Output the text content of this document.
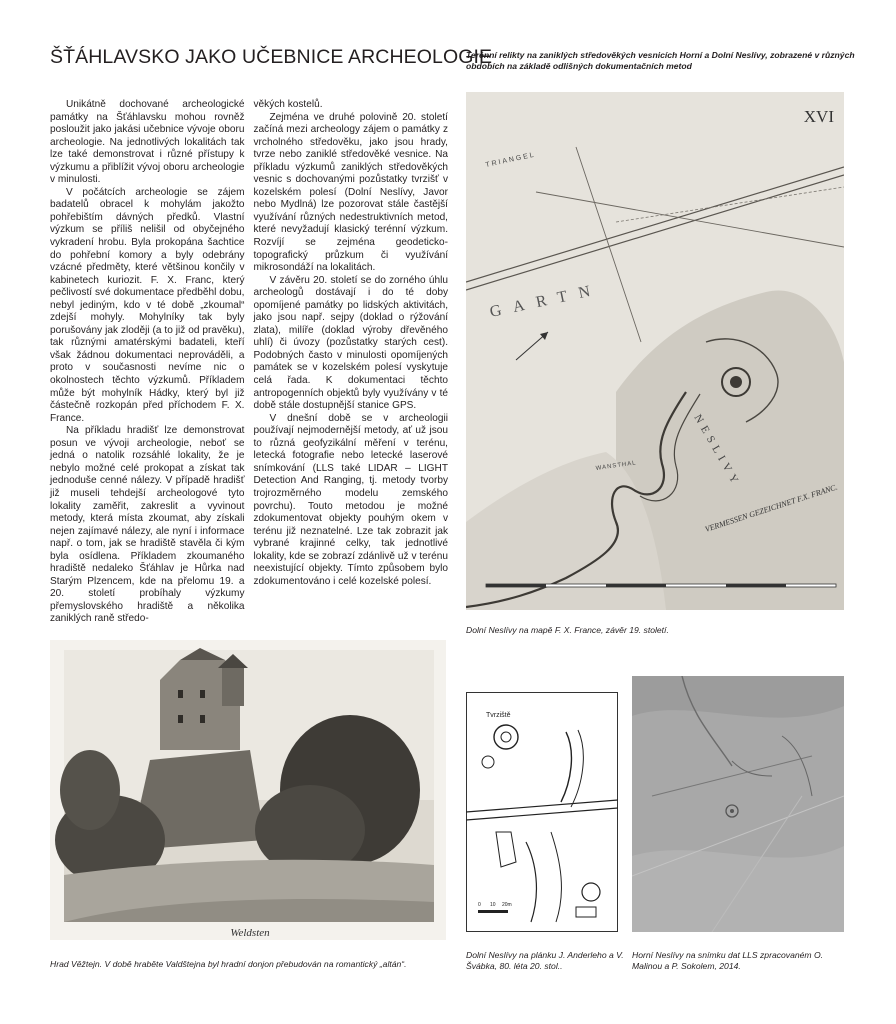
ŠŤÁHLAVSKO JAKO UČEBNICE ARCHEOLOGIE

Unikátně dochované archeologické památky na Šťáhlavsku mohou rovněž posloužit jako jakási učebnice vývoje oboru archeologie. Na jednotlivých lokalitách tak lze také demonstrovat i různé přístupy k výzkumu a přiblížit vývoj oboru archeologie v minulosti.

V počátcích archeologie se zájem badatelů obracel k mohylám jakožto pohřebištím dávných předků. Vlastní výzkum se příliš nelišil od obyčejného vykradení hrobu. Byla prokopána šachtice do pohřební komory a byly odebrány vzácné předměty, které většinou končily v kabinetech kuriozit. F. X. Franc, který pečlivostí své dokumentace předběhl dobu, nebyl jediným, kdo v té době „zkoumal“ zdejší mohyly. Mohylníky tak byly porušovány jak zloději (a to již od pravěku), tak různými amatérskými badateli, kteří však žádnou dokumentaci neprováděli, a proto v současnosti nevíme nic o okolnostech těchto výzkumů. Příkladem může být mohylník Hádky, který byl již částečně rozkopán před příchodem F. X. France.

Na příkladu hradišť lze demonstrovat posun ve vývoji archeologie, neboť se jedná o natolik rozsáhlé lokality, že je nebylo možné celé prokopat a získat tak jednoduše cenné nálezy. V případě hradišť již museli tehdejší archeologové tyto lokality zaměřit, zakreslit a vyvinout metody, která místa zkoumat, aby získali nejen zajímavé nálezy, ale nyní i informace např. o tom, jak se hradiště stavěla či kým byla osídlena. Příkladem zkoumaného hradiště nedaleko Šťáhlav je Hůrka nad Starým Plzencem, kde na přelomu 19. a 20. století probíhaly výzkumy přemyslovského hradiště a několika zaniklých raně středo-

věkých kostelů.

Zejména ve druhé polovině 20. století začíná mezi archeology zájem o památky z vrcholného středověku, jako jsou hrady, tvrze nebo zaniklé středověké vesnice. Na příkladu výzkumů zaniklých středověkých vesnic s dochovanými pozůstatky tvrzišť v kozelském polesí (Dolní Neslívy, Javor nebo Mydlná) lze pozorovat stále častější využívání různých nedestruktivních metod, které nevyžadují klasický terénní výzkum. Rozvíjí se zejména geodeticko-topografický průzkum či využívání mikrosondáží na lokalitách.

V závěru 20. století se do zorného úhlu archeologů dostávají i do té doby opomíjené památky po lidských aktivitách, jako jsou např. sejpy (doklad o rýžování zlata), milíře (doklad výroby dřevěného uhlí) či úvozy (pozůstatky starých cest). Podobných často v minulosti opomíjených památek se v kozelském polesí vyskytuje celá řada. K dokumentaci těchto antropogenních objektů byly využívány v té době stále dostupnější stanice GPS.

V dnešní době se v archeologii používají nejmodernější metody, ať už jsou to různá geofyzikální měření v terénu, letecká fotografie nebo letecké laserové snímkování (LLS také LIDAR – LIGHT Detection And Ranging, tj. metody tvorby trojrozměrného modelu zemského povrchu). Touto metodou je možné zdokumentovat objekty pouhým okem v terénu již neznatelné. Lze tak zobrazit jak vybrané krajinné celky, tak jednotlivé lokality, kde se zobrazí zdánlivě už v terénu neexistující objekty. Tímto způsobem bylo zdokumentováno i celé kozelské polesí.

Terénní relikty na zaniklých středověkých vesnicích Horní a Dolní Neslívy, zobrazené v různých obdobích na základě odlišných dokumentačních metod
XVI
TRIANGEL
GARTN
NESLIVY
WANSTHAL
VERMESSEN GEZEICHNET F.X. FRANC.
Dolní Neslívy na mapě F. X. France, závěr 19. století.
Weldsten
Hrad Věžtejn. V době hraběte Valdštejna byl hradní donjon přebudován na romantický „altán“.
Tvrziště
0 10 20m
Dolní Neslívy na plánku J. Anderleho a V. Švábka, 80. léta 20. stol..
Horní Neslívy na snímku dat LLS zpracovaném O. Malinou a P. Sokolem, 2014.
